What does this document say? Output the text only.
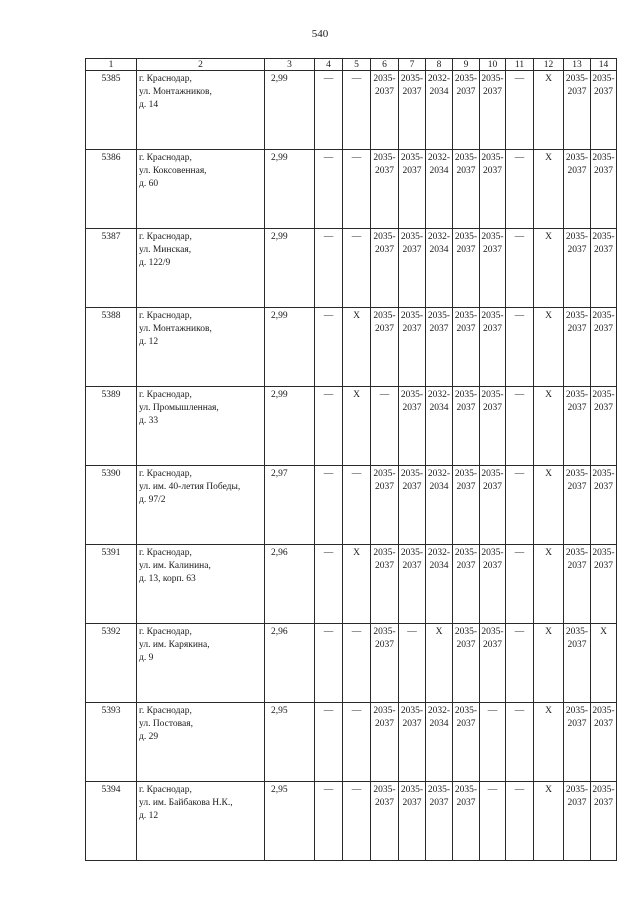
540
1	2	3	4	5	6	7	8	9	10	11	12	13	14

5385	г. Краснодар,
ул. Монтажников,
д. 14	2,99	—	—	2035-
2037	2035-
2037	2032-
2034	2035-
2037	2035-
2037	—	X	2035-
2037	2035-
2037

5386	г. Краснодар,
ул. Коксовенная,
д. 60	2,99	—	—	2035-
2037	2035-
2037	2032-
2034	2035-
2037	2035-
2037	—	X	2035-
2037	2035-
2037

5387	г. Краснодар,
ул. Минская,
д. 122/9	2,99	—	—	2035-
2037	2035-
2037	2032-
2034	2035-
2037	2035-
2037	—	X	2035-
2037	2035-
2037

5388	г. Краснодар,
ул. Монтажников,
д. 12	2,99	—	X	2035-
2037	2035-
2037	2035-
2037	2035-
2037	2035-
2037	—	X	2035-
2037	2035-
2037

5389	г. Краснодар,
ул. Промышленная,
д. 33	2,99	—	X	—	2035-
2037	2032-
2034	2035-
2037	2035-
2037	—	X	2035-
2037	2035-
2037

5390	г. Краснодар,
ул. им. 40-летия Победы,
д. 97/2	2,97	—	—	2035-
2037	2035-
2037	2032-
2034	2035-
2037	2035-
2037	—	X	2035-
2037	2035-
2037

5391	г. Краснодар,
ул. им. Калинина,
д. 13, корп. 63	2,96	—	X	2035-
2037	2035-
2037	2032-
2034	2035-
2037	2035-
2037	—	X	2035-
2037	2035-
2037

5392	г. Краснодар,
ул. им. Карякина,
д. 9	2,96	—	—	2035-
2037	—	X	2035-
2037	2035-
2037	—	X	2035-
2037	X

5393	г. Краснодар,
ул. Постовая,
д. 29	2,95	—	—	2035-
2037	2035-
2037	2032-
2034	2035-
2037	—	—	X	2035-
2037	2035-
2037

5394	г. Краснодар,
ул. им. Байбакова Н.К.,
д. 12	2,95	—	—	2035-
2037	2035-
2037	2035-
2037	2035-
2037	—	—	X	2035-
2037	2035-
2037
